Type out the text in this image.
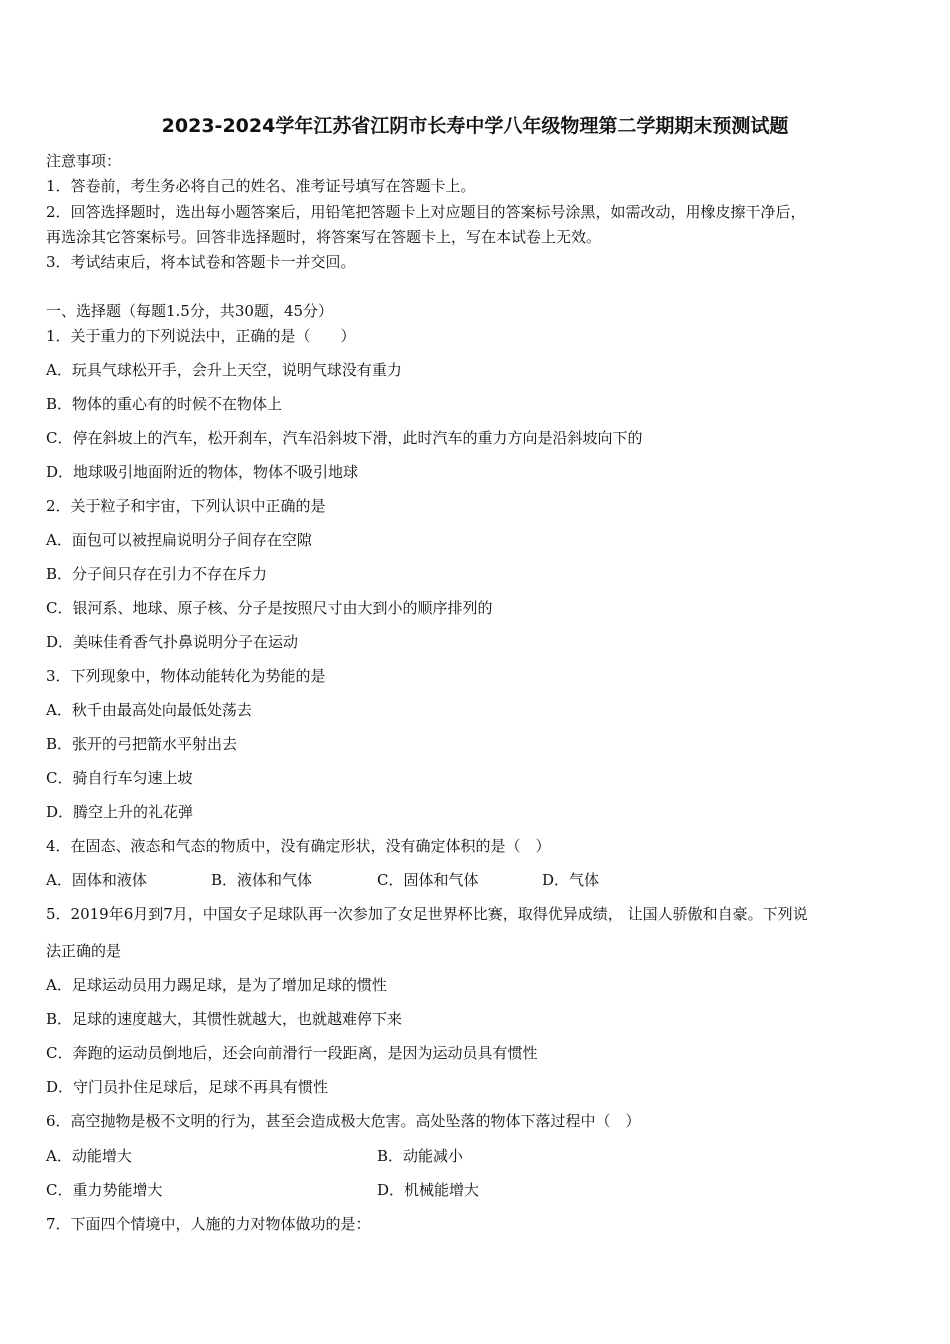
2023-2024学年江苏省江阴市长寿中学八年级物理第二学期期末预测试题
注意事项：
1．答卷前，考生务必将自己的姓名、准考证号填写在答题卡上。
2．回答选择题时，选出每小题答案后，用铅笔把答题卡上对应题目的答案标号涂黑，如需改动，用橡皮擦干净后，
再选涂其它答案标号。回答非选择题时，将答案写在答题卡上，写在本试卷上无效。
3．考试结束后，将本试卷和答题卡一并交回。
一、选择题（每题1.5分，共30题，45分）
1．关于重力的下列说法中，正确的是（　　）
A．玩具气球松开手，会升上天空，说明气球没有重力
B．物体的重心有的时候不在物体上
C．停在斜坡上的汽车，松开刹车，汽车沿斜坡下滑，此时汽车的重力方向是沿斜坡向下的
D．地球吸引地面附近的物体，物体不吸引地球
2．关于粒子和宇宙，下列认识中正确的是
A．面包可以被捏扁说明分子间存在空隙
B．分子间只存在引力不存在斥力
C．银河系、地球、原子核、分子是按照尺寸由大到小的顺序排列的
D．美味佳肴香气扑鼻说明分子在运动
3．下列现象中，物体动能转化为势能的是
A．秋千由最高处向最低处荡去
B．张开的弓把箭水平射出去
C．骑自行车匀速上坡
D．腾空上升的礼花弹
4．在固态、液态和气态的物质中，没有确定形状，没有确定体积的是（　）
A．固体和液体	B．液体和气体	C．固体和气体	D．气体
5．2019年6月到7月，中国女子足球队再一次参加了女足世界杯比赛，取得优异成绩， 让国人骄傲和自豪。下列说
法正确的是
A．足球运动员用力踢足球，是为了增加足球的惯性
B．足球的速度越大，其惯性就越大，也就越难停下来
C．奔跑的运动员倒地后，还会向前滑行一段距离，是因为运动员具有惯性
D．守门员扑住足球后，足球不再具有惯性
6．高空抛物是极不文明的行为，甚至会造成极大危害。高处坠落的物体下落过程中（　）
A．动能增大	B．动能减小
C．重力势能增大	D．机械能增大
7．下面四个情境中，人施的力对物体做功的是：
